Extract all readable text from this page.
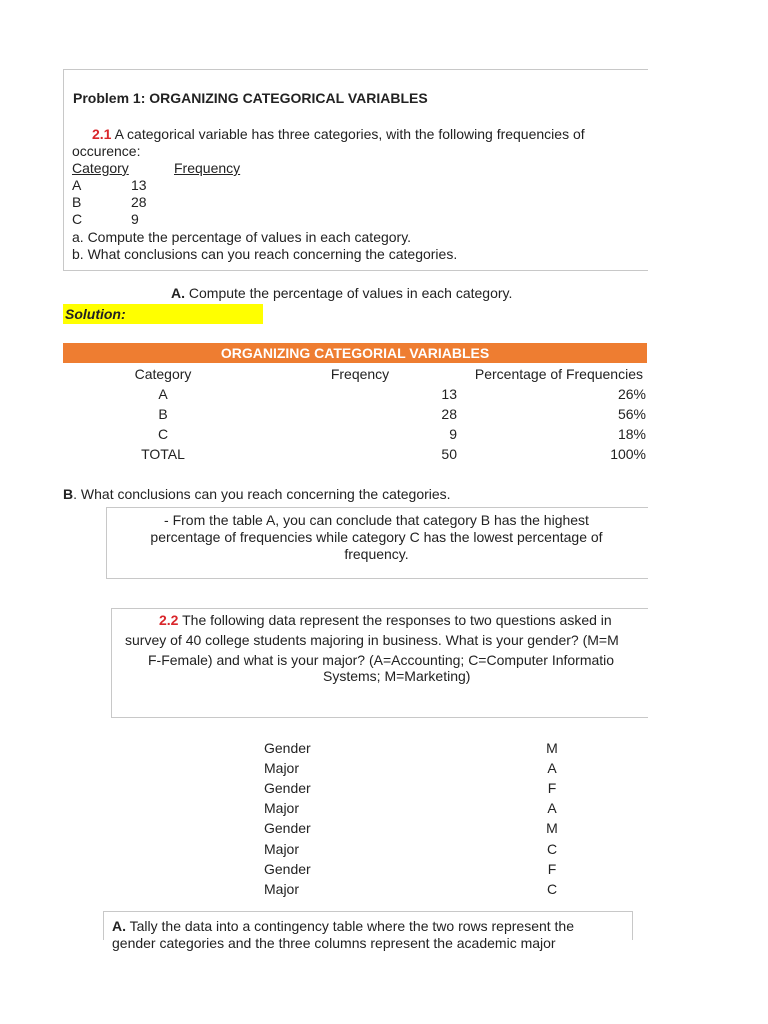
Problem 1: ORGANIZING CATEGORICAL VARIABLES
2.1 A categorical variable has three categories, with the following frequencies of
occurence:
Category	Frequency
A	13
B	28
C	9
a. Compute the percentage of values in each category.
b. What conclusions can you reach concerning the categories.
A. Compute the percentage of values in each category.
Solution:
ORGANIZING CATEGORIAL VARIABLES
Category	Freqency	Percentage of Frequencies
A	13	26%
B	28	56%
C	9	18%
TOTAL	50	100%
B. What conclusions can you reach concerning the categories.
- From the table A, you can conclude that category B has the highest
percentage of frequencies while category C has the lowest percentage of
frequency.
2.2 The following data represent the responses to two questions asked in
survey of 40 college students majoring in business. What is your gender? (M=M
F-Female) and what is your major? (A=Accounting; C=Computer Informatio
Systems; M=Marketing)
Gender	M
Major	A
Gender	F
Major	A
Gender	M
Major	C
Gender	F
Major	C
A. Tally the data into a contingency table where the two rows represent the
gender categories and the three columns represent the academic major
